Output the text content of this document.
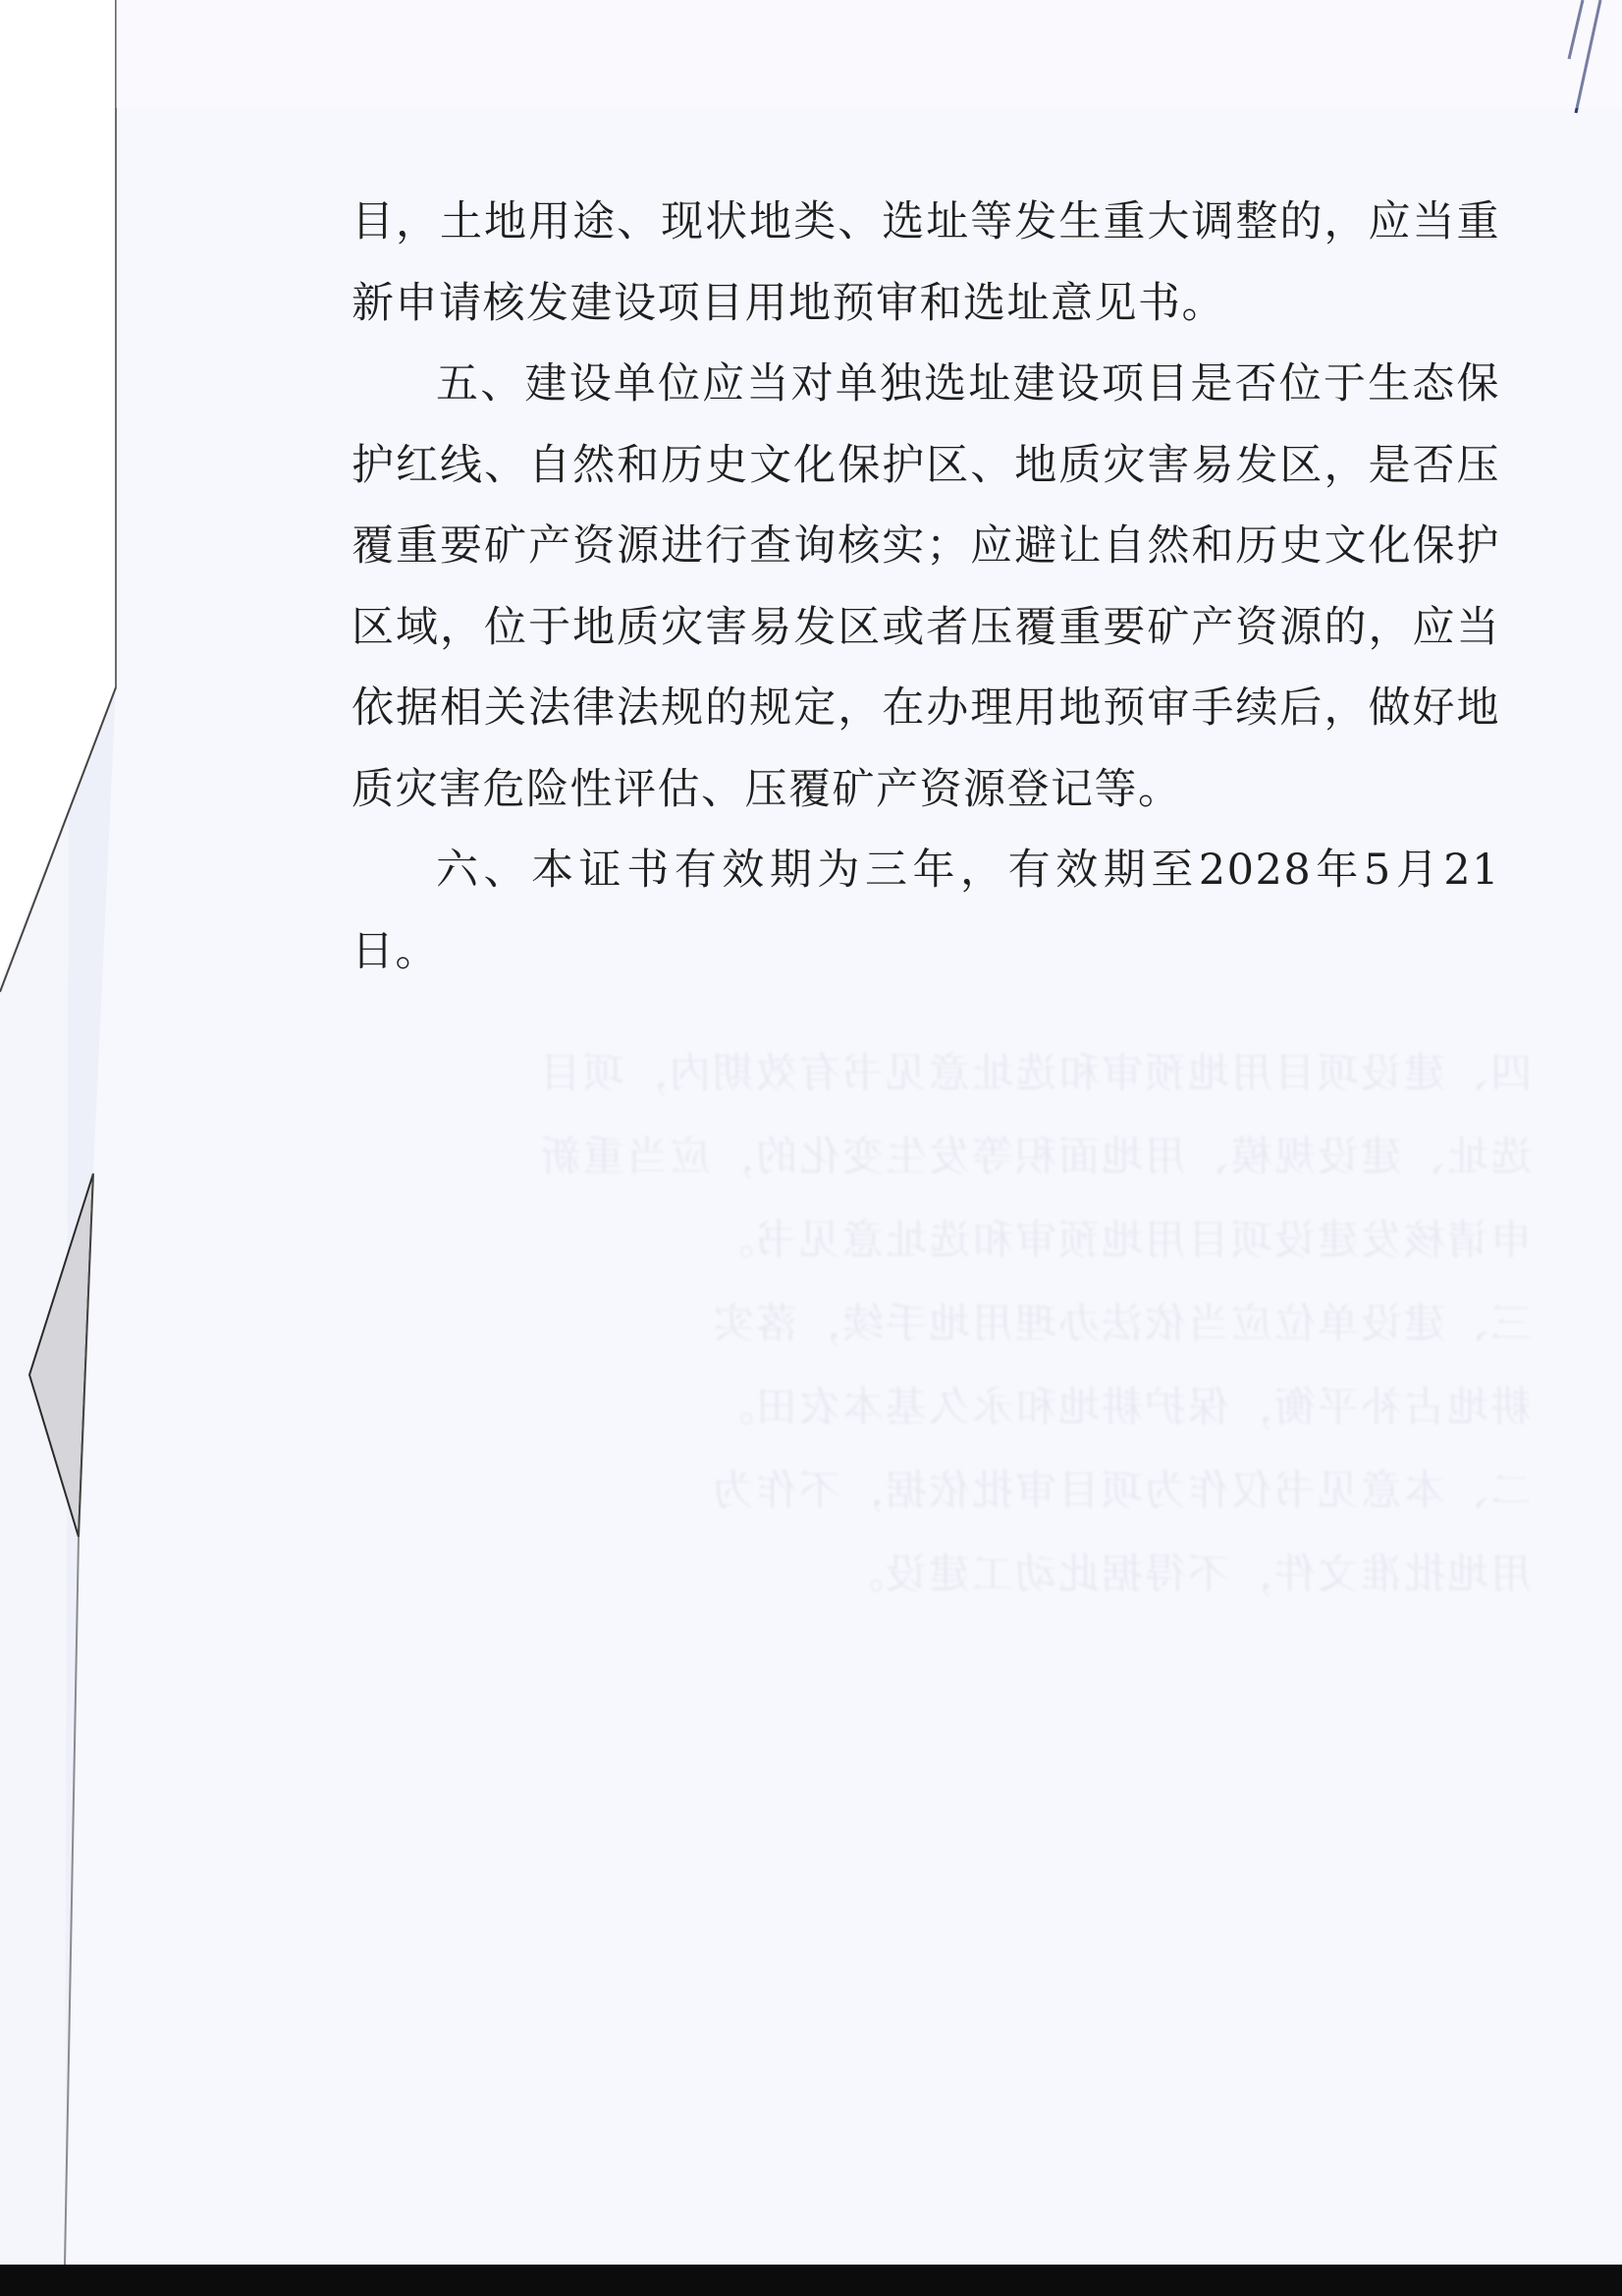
四、建设项目用地预审和选址意见书有效期内，项目
选址、建设规模、用地面积等发生变化的，应当重新
申请核发建设项目用地预审和选址意见书。
三、建设单位应当依法办理用地手续，落实
耕地占补平衡，保护耕地和永久基本农田。
二、本意见书仅作为项目审批依据，不作为
用地批准文件，不得据此动工建设。

目，土地用途、现状地类、选址等发生重大调整的，应当重新申请核发建设项目用地预审和选址意见书。

五、建设单位应当对单独选址建设项目是否位于生态保护红线、自然和历史文化保护区、地质灾害易发区，是否压覆重要矿产资源进行查询核实；应避让自然和历史文化保护区域，位于地质灾害易发区或者压覆重要矿产资源的，应当依据相关法律法规的规定，在办理用地预审手续后，做好地质灾害危险性评估、压覆矿产资源登记等。

六、本证书有效期为三年，有效期至2028年5月21日。
